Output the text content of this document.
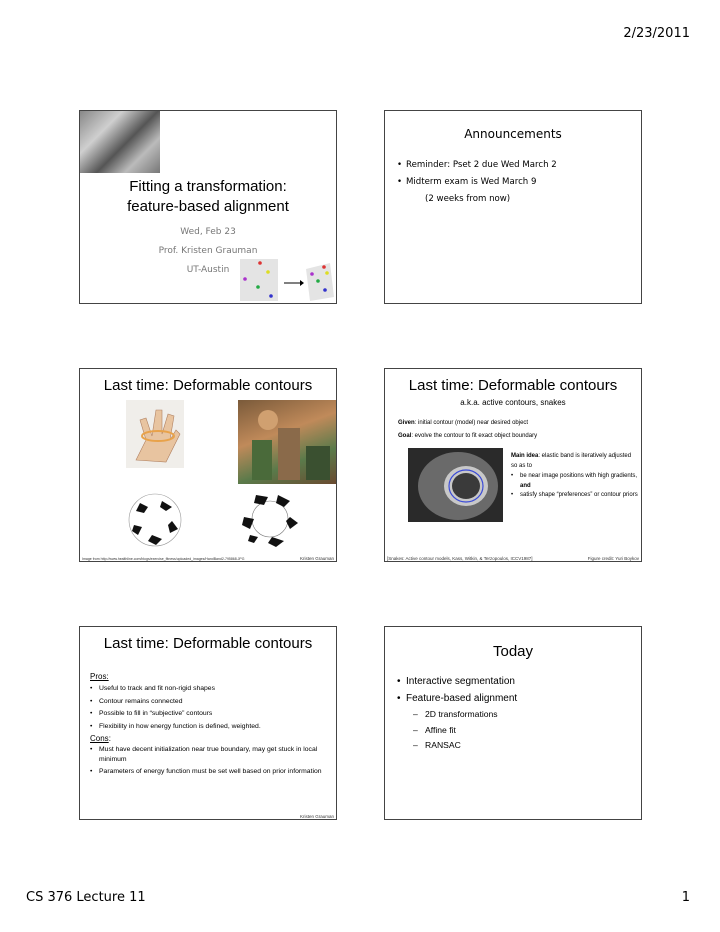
2/23/2011
Fitting a transformation:
feature-based alignment
Wed, Feb 23
Prof. Kristen Grauman
UT-Austin
Announcements
• Reminder: Pset 2 due Wed March 2
• Midterm exam is Wed March 9
(2 weeks from now)
Last time: Deformable contours
Image from http://www.healthline.com/blogs/exercise_fitness/uploaded_images/HandBand2-795868.JPG	Kristen Grauman
Last time: Deformable contours
a.k.a. active contours, snakes
Given: initial contour (model) near desired object
Goal: evolve the contour to fit exact object boundary
Main idea: elastic band is iteratively adjusted so as to
• be near image positions with high gradients, and
• satisfy shape “preferences” or contour priors
[Snakes: Active contour models, Kass, Witkin, & Terzopoulos, ICCV1987]	Figure credit: Yuri Boykov
Last time: Deformable contours
Pros:
• Useful to track and fit non-rigid shapes
• Contour remains connected
• Possible to fill in “subjective” contours
• Flexibility in how energy function is defined, weighted.
Cons:
• Must have decent initialization near true boundary, may get stuck in local minimum
• Parameters of energy function must be set well based on prior information
Kristen Grauman
Today
• Interactive segmentation
• Feature-based alignment
– 2D transformations
– Affine fit
– RANSAC
CS 376 Lecture 11	1
